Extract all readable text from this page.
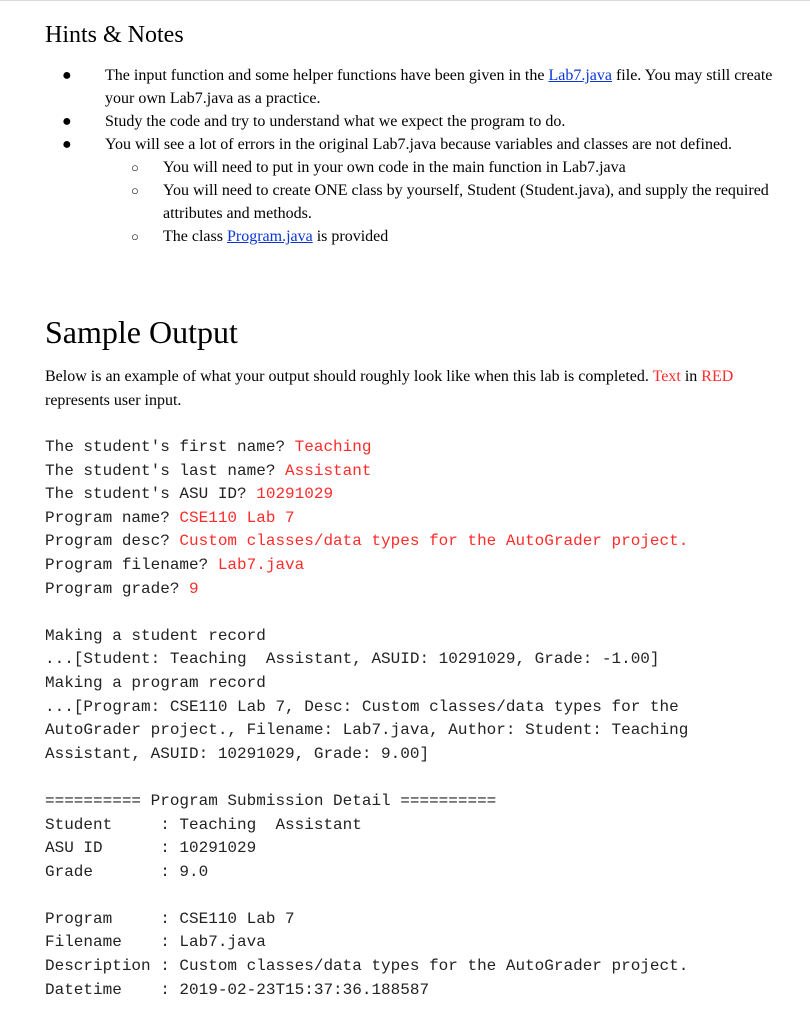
Hints & Notes
● The input function and some helper functions have been given in the Lab7.java file. You may still create your own Lab7.java as a practice.
● Study the code and try to understand what we expect the program to do.
● You will see a lot of errors in the original Lab7.java because variables and classes are not defined.
○ You will need to put in your own code in the main function in Lab7.java
○ You will need to create ONE class by yourself, Student (Student.java), and supply the required attributes and methods.
○ The class Program.java is provided
Sample Output
Below is an example of what your output should roughly look like when this lab is completed. Text in RED represents user input.
The student's first name? Teaching
The student's last name? Assistant
The student's ASU ID? 10291029
Program name? CSE110 Lab 7
Program desc? Custom classes/data types for the AutoGrader project.
Program filename? Lab7.java
Program grade? 9

Making a student record
...[Student: Teaching  Assistant, ASUID: 10291029, Grade: -1.00]
Making a program record
...[Program: CSE110 Lab 7, Desc: Custom classes/data types for the
AutoGrader project., Filename: Lab7.java, Author: Student: Teaching
Assistant, ASUID: 10291029, Grade: 9.00]

========== Program Submission Detail ==========
Student     : Teaching  Assistant
ASU ID      : 10291029
Grade       : 9.0

Program     : CSE110 Lab 7
Filename    : Lab7.java
Description : Custom classes/data types for the AutoGrader project.
Datetime    : 2019-02-23T15:37:36.188587
